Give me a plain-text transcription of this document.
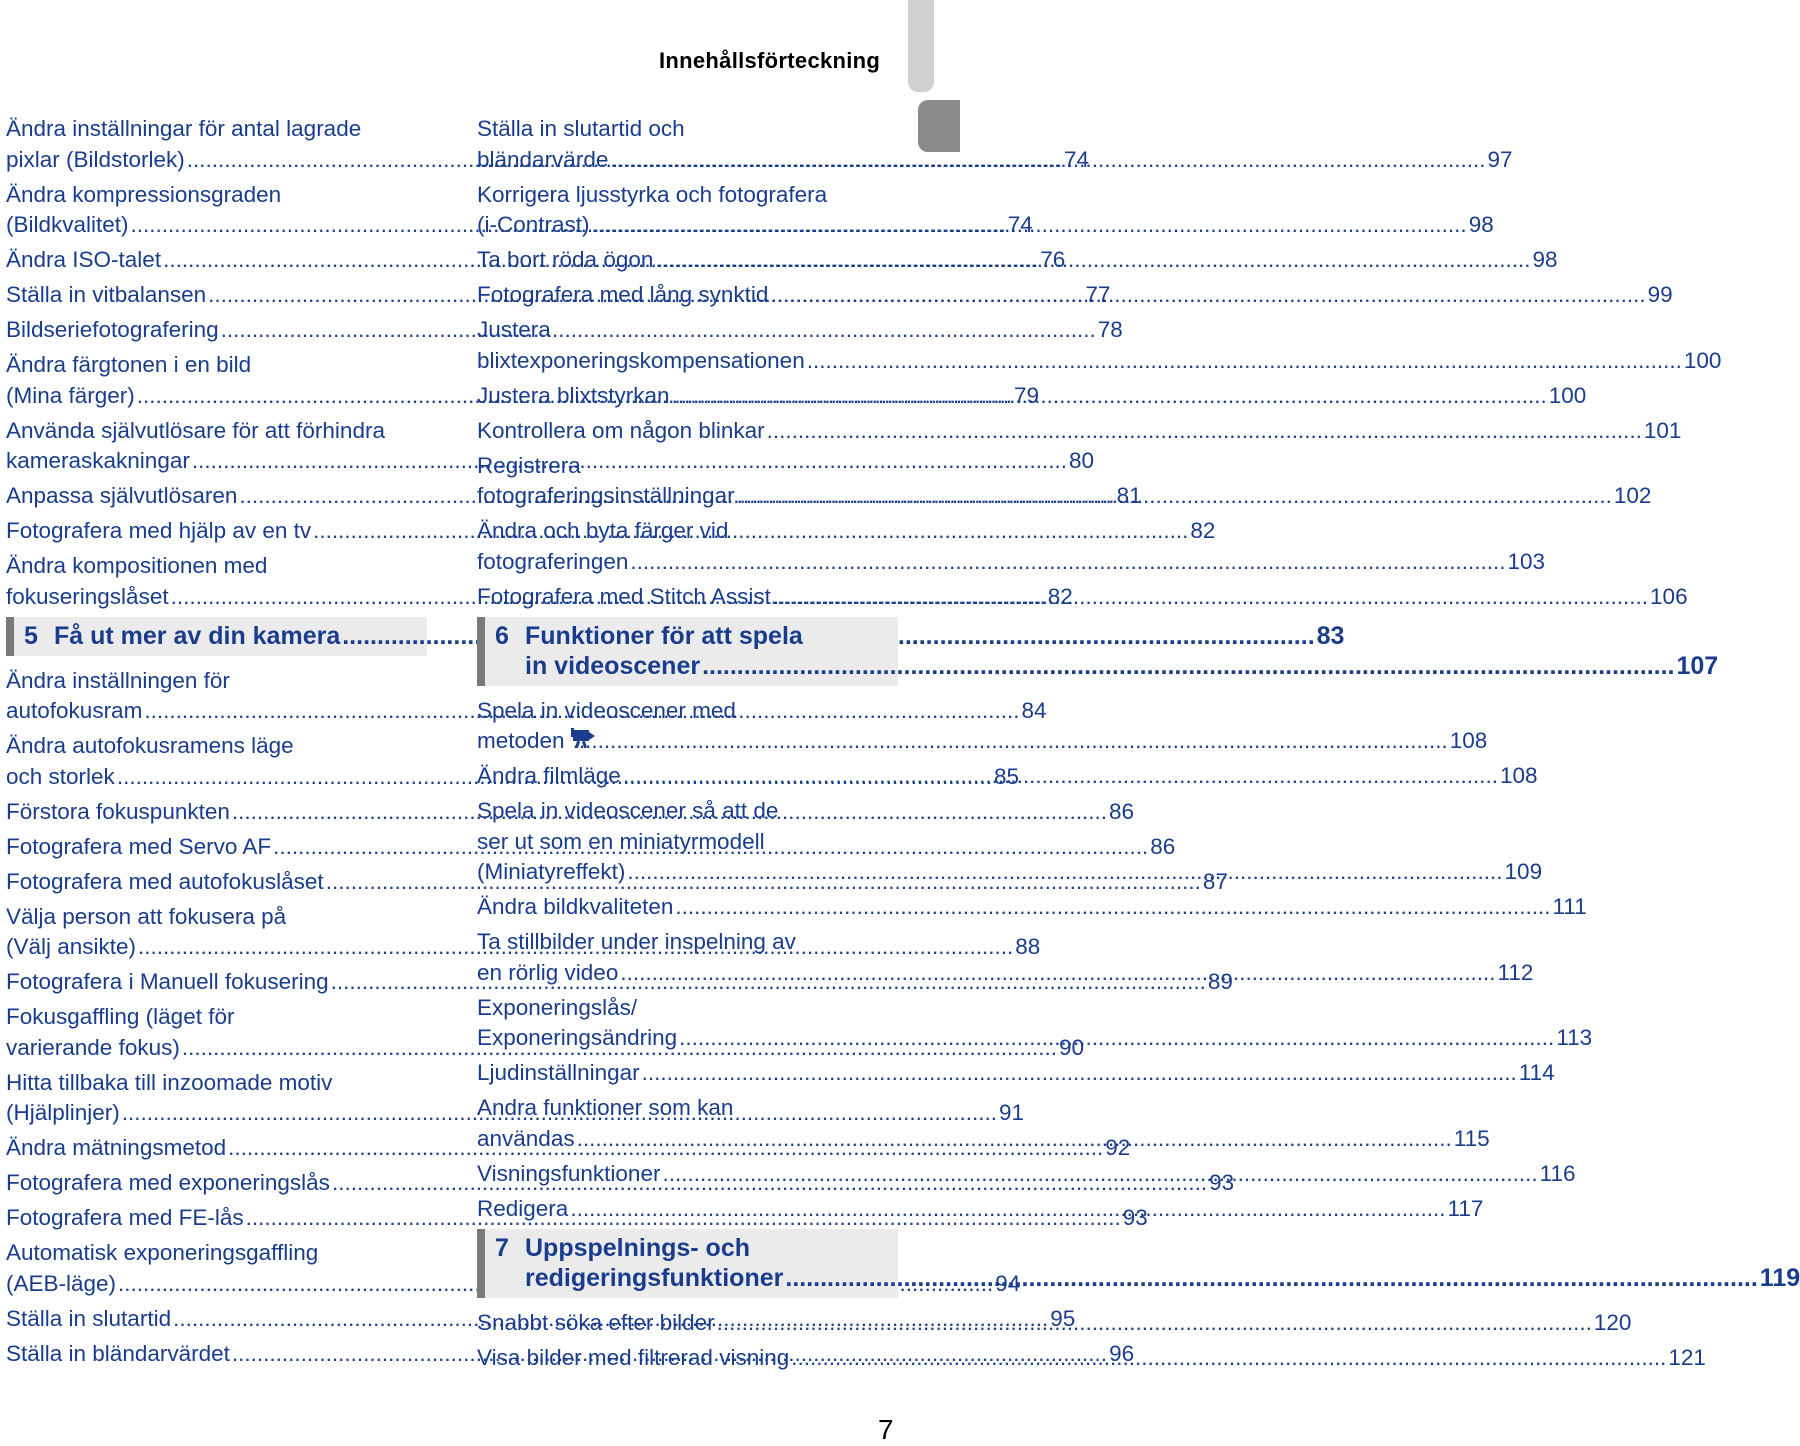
Innehållsförteckning
Ändra inställningar för antal lagrade
pixlar (Bildstorlek) .....	74
Ändra kompressionsgraden
(Bildkvalitet) .....	74
Ändra ISO-talet .....	76
Ställa in vitbalansen .....	77
Bildseriefotografering .....	78
Ändra färgtonen i en bild
(Mina färger) .....	79
Använda självutlösare för att förhindra
kameraskakningar .....	80
Anpassa självutlösaren .....	81
Fotografera med hjälp av en tv .....	82
Ändra kompositionen med
fokuseringslåset .....	82
5 Få ut mer av din kamera .....	83
Ändra inställningen för
autofokusram .....	84
Ändra autofokusramens läge
och storlek .....	85
Förstora fokuspunkten .....	86
Fotografera med Servo AF .....	86
Fotografera med autofokuslåset .....	87
Välja person att fokusera på
(Välj ansikte) .....	88
Fotografera i Manuell fokusering .....	89
Fokusgaffling (läget för
varierande fokus) .....	90
Hitta tillbaka till inzoomade motiv
(Hjälplinjer) .....	91
Ändra mätningsmetod .....	92
Fotografera med exponeringslås .....	93
Fotografera med FE-lås .....	93
Automatisk exponeringsgaffling
(AEB-läge) .....	94
Ställa in slutartid .....	95
Ställa in bländarvärdet .....	96
Ställa in slutartid och
bländarvärde .....	97
Korrigera ljusstyrka och fotografera
(i-Contrast) .....	98
Ta bort röda ögon .....	98
Fotografera med lång synktid .....	99
Justera
blixtexponeringskompensationen .....	100
Justera blixtstyrkan .....	100
Kontrollera om någon blinkar .....	101
Registrera
fotograferingsinställningar .....	102
Ändra och byta färger vid
fotograferingen .....	103
Fotografera med Stitch Assist .....	106
6 Funktioner för att spela
in videoscener .....	107
Spela in videoscener med
metoden .....	108
Ändra filmläge .....	108
Spela in videoscener så att de
ser ut som en miniatyrmodell
(Miniatyreffekt) .....	109
Ändra bildkvaliteten .....	111
Ta stillbilder under inspelning av
en rörlig video .....	112
Exponeringslås/
Exponeringsändring .....	113
Ljudinställningar .....	114
Andra funktioner som kan
användas .....	115
Visningsfunktioner .....	116
Redigera .....	117
7 Uppspelnings- och
redigeringsfunktioner .....	119
Snabbt söka efter bilder .....	120
Visa bilder med filtrerad visning .....	121
7
